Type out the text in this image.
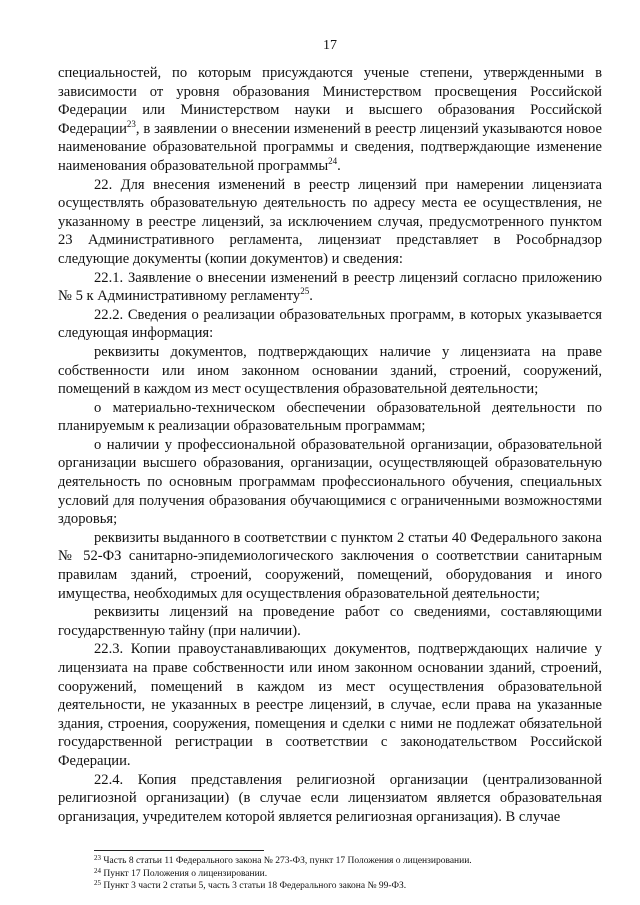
17

специальностей, по которым присуждаются ученые степени, утвержденными в зависимости от уровня образования Министерством просвещения Российской Федерации или Министерством науки и высшего образования Российской Федерации$^{23}$, в заявлении о внесении изменений в реестр лицензий указываются новое наименование образовательной программы и сведения, подтверждающие изменение наименования образовательной программы$^{24}$.

22. Для внесения изменений в реестр лицензий при намерении лицензиата осуществлять образовательную деятельность по адресу места ее осуществления, не указанному в реестре лицензий, за исключением случая, предусмотренного пунктом 23 Административного регламента, лицензиат представляет в Рособрнадзор следующие документы (копии документов) и сведения:

22.1. Заявление о внесении изменений в реестр лицензий согласно приложению № 5 к Административному регламенту$^{25}$.

22.2. Сведения о реализации образовательных программ, в которых указывается следующая информация:

реквизиты документов, подтверждающих наличие у лицензиата на праве собственности или ином законном основании зданий, строений, сооружений, помещений в каждом из мест осуществления образовательной деятельности;

о материально-техническом обеспечении образовательной деятельности по планируемым к реализации образовательным программам;

о наличии у профессиональной образовательной организации, образовательной организации высшего образования, организации, осуществляющей образовательную деятельность по основным программам профессионального обучения, специальных условий для получения образования обучающимися с ограниченными возможностями здоровья;

реквизиты выданного в соответствии с пунктом 2 статьи 40 Федерального закона № 52-ФЗ санитарно-эпидемиологического заключения о соответствии санитарным правилам зданий, строений, сооружений, помещений, оборудования и иного имущества, необходимых для осуществления образовательной деятельности;

реквизиты лицензий на проведение работ со сведениями, составляющими государственную тайну (при наличии).

22.3. Копии правоустанавливающих документов, подтверждающих наличие у лицензиата на праве собственности или ином законном основании зданий, строений, сооружений, помещений в каждом из мест осуществления образовательной деятельности, не указанных в реестре лицензий, в случае, если права на указанные здания, строения, сооружения, помещения и сделки с ними не подлежат обязательной государственной регистрации в соответствии с законодательством Российской Федерации.

22.4. Копия представления религиозной организации (централизованной религиозной организации) (в случае если лицензиатом является образовательная организация, учредителем которой является религиозная организация). В случае

$^{23}$ Часть 8 статьи 11 Федерального закона № 273-ФЗ, пункт 17 Положения о лицензировании.

$^{24}$ Пункт 17 Положения о лицензировании.

$^{25}$ Пункт 3 части 2 статьи 5, часть 3 статьи 18 Федерального закона № 99-ФЗ.
